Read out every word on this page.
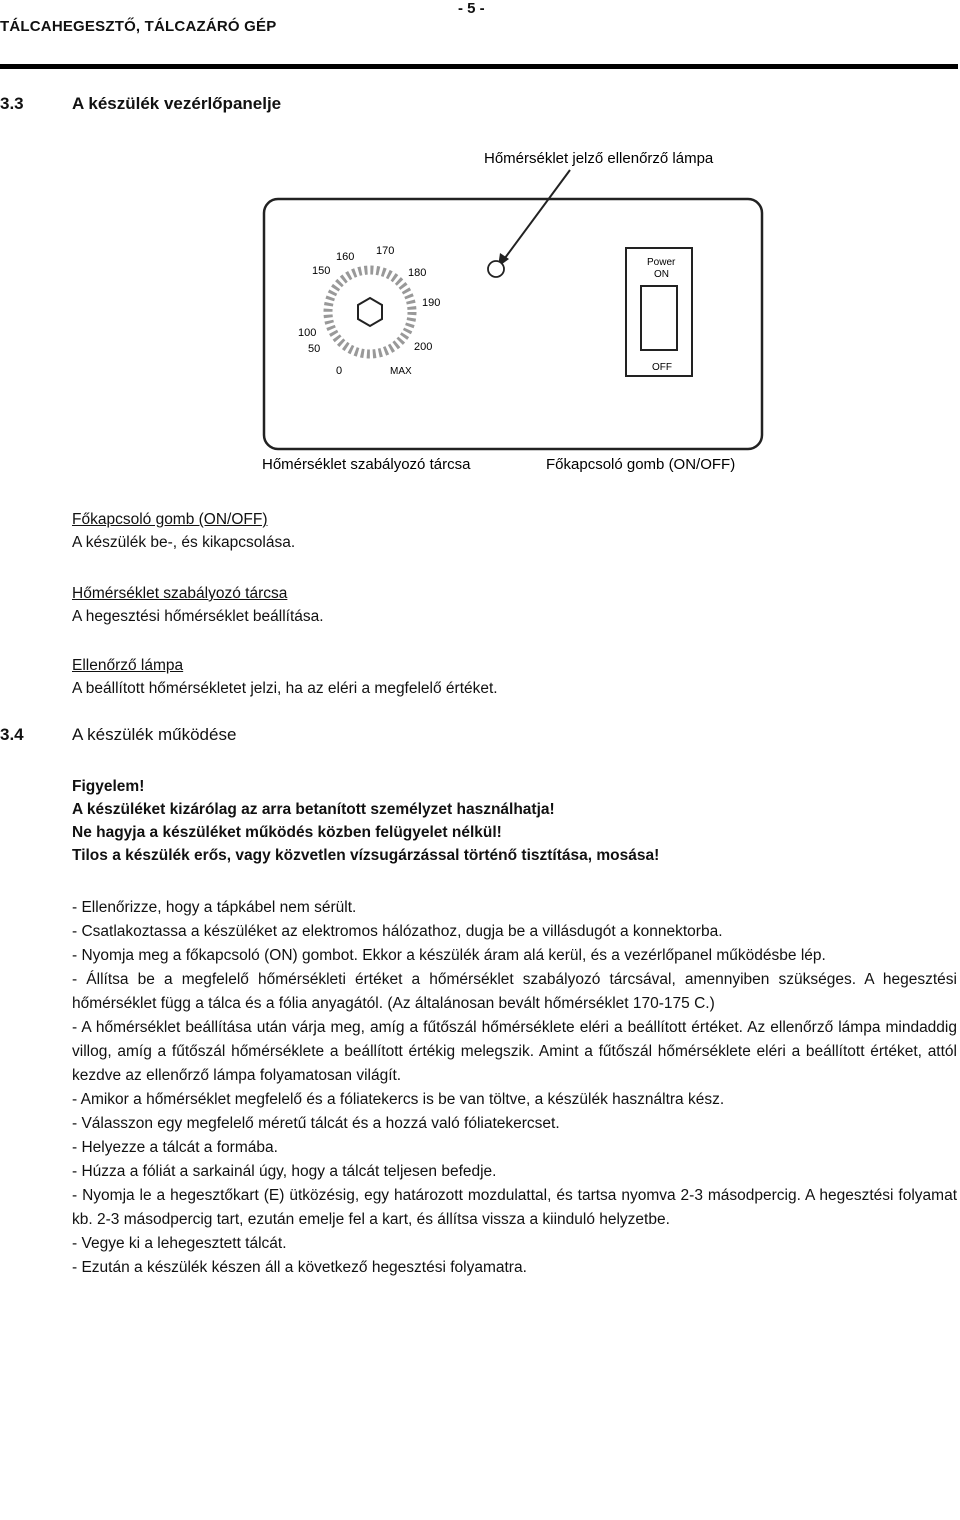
- 5 -
TÁLCAHEGESZTŐ, TÁLCAZÁRÓ GÉP
3.3	A készülék vezérlőpanelje
Hőmérséklet jelző ellenőrző lámpa
160 170
150	180
190
100
50	200
0	MAX
Power
ON
OFF
Hőmérséklet szabályozó tárcsa	Főkapcsoló gomb (ON/OFF)
Főkapcsoló gomb (ON/OFF)
A készülék be-, és kikapcsolása.
Hőmérséklet szabályozó tárcsa
A hegesztési hőmérséklet beállítása.
Ellenőrző lámpa
A beállított hőmérsékletet jelzi, ha az eléri a megfelelő értéket.
3.4	A készülék működése
Figyelem!
A készüléket kizárólag az arra betanított személyzet használhatja!
Ne hagyja a készüléket működés közben felügyelet nélkül!
Tilos a készülék erős, vagy közvetlen vízsugárzással történő tisztítása, mosása!

- Ellenőrizze, hogy a tápkábel nem sérült.

- Csatlakoztassa a készüléket az elektromos hálózathoz, dugja be a villásdugót a konnektorba.

- Nyomja meg a főkapcsoló (ON) gombot. Ekkor a készülék áram alá kerül, és a vezérlőpanel működésbe lép.

- Állítsa be a megfelelő hőmérsékleti értéket a hőmérséklet szabályozó tárcsával, amennyiben szükséges. A hegesztési hőmérséklet függ a tálca és a fólia anyagától. (Az általánosan bevált hőmérséklet 170-175 C.)

- A hőmérséklet beállítása után várja meg, amíg a fűtőszál hőmérséklete eléri a beállított értéket. Az ellenőrző lámpa mindaddig villog, amíg a fűtőszál hőmérséklete a beállított értékig melegszik. Amint a fűtőszál hőmérséklete eléri a beállított értéket, attól kezdve az ellenőrző lámpa folyamatosan világít.

- Amikor a hőmérséklet megfelelő és a fóliatekercs is be van töltve, a készülék használtra kész.

- Válasszon egy megfelelő méretű tálcát és a hozzá való fóliatekercset.

- Helyezze a tálcát a formába.

- Húzza a fóliát a sarkainál úgy, hogy a tálcát teljesen befedje.

- Nyomja le a hegesztőkart (E) ütközésig, egy határozott mozdulattal, és tartsa nyomva 2-3 másodpercig. A hegesztési folyamat kb. 2-3 másodpercig tart, ezután emelje fel a kart, és állítsa vissza a kiinduló helyzetbe.

- Vegye ki a lehegesztett tálcát.

- Ezután a készülék készen áll a következő hegesztési folyamatra.
